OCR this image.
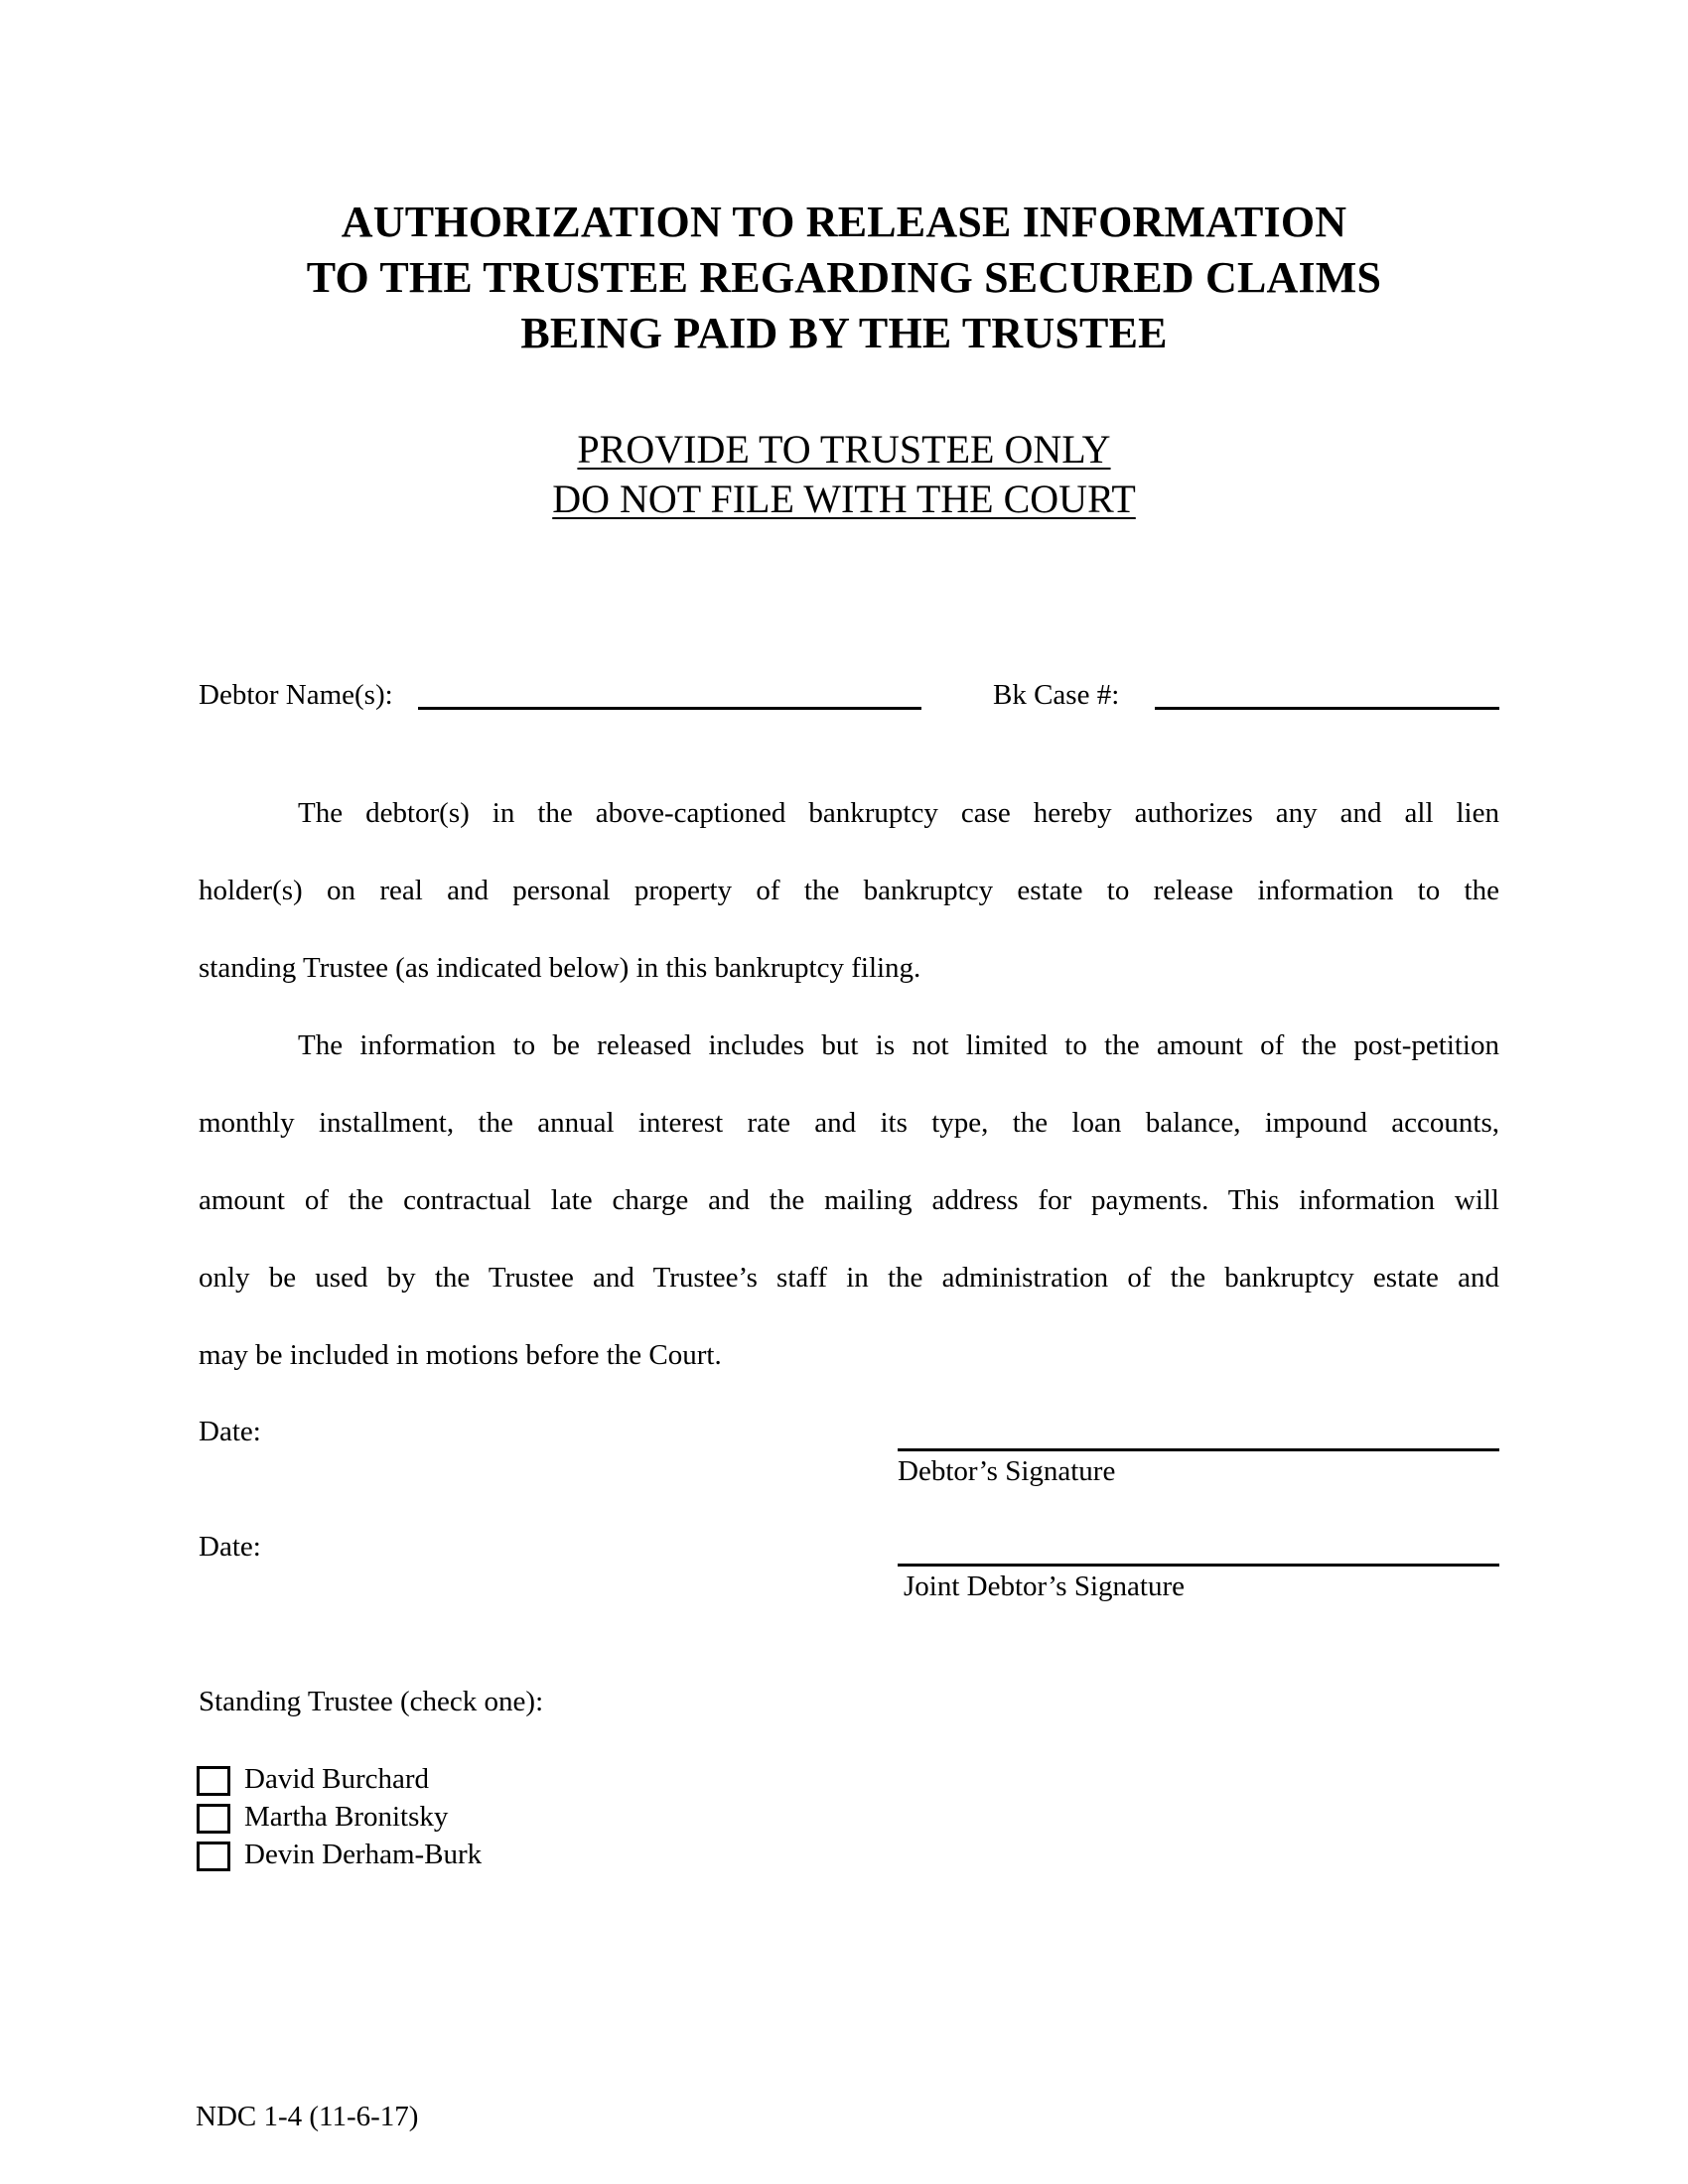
AUTHORIZATION TO RELEASE INFORMATION
TO THE TRUSTEE REGARDING SECURED CLAIMS
BEING PAID BY THE TRUSTEE
PROVIDE TO TRUSTEE ONLY
DO NOT FILE WITH THE COURT
Debtor Name(s):	Bk Case #:
The debtor(s) in the above-captioned bankruptcy case hereby authorizes any and all lien
holder(s) on real and personal property of the bankruptcy estate to release information to the
standing Trustee (as indicated below) in this bankruptcy filing.
The information to be released includes but is not limited to the amount of the post-petition
monthly installment, the annual interest rate and its type, the loan balance, impound accounts,
amount of the contractual late charge and the mailing address for payments. This information will
only be used by the Trustee and Trustee’s staff in the administration of the bankruptcy estate and
may be included in motions before the Court.
Date:
Debtor’s Signature
Date:
Joint Debtor’s Signature
Standing Trustee (check one):
David Burchard
Martha Bronitsky
Devin Derham-Burk
NDC 1-4 (11-6-17)
